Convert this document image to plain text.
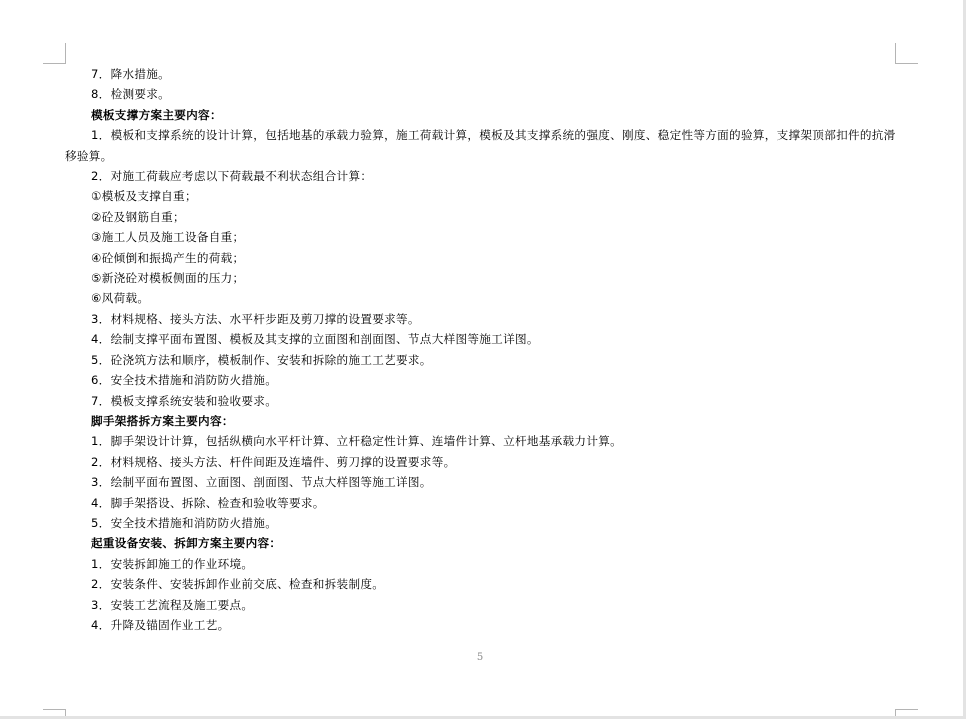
7．降水措施。
8．检测要求。
模板支撑方案主要内容：
1．模板和支撑系统的设计计算，包括地基的承载力验算，施工荷载计算，模板及其支撑系统的强度、刚度、稳定性等方面的验算，支撑架顶部扣件的抗滑移验算。
2．对施工荷载应考虑以下荷载最不利状态组合计算：
①模板及支撑自重；
②砼及钢筋自重；
③施工人员及施工设备自重；
④砼倾倒和振捣产生的荷载；
⑤新浇砼对模板侧面的压力；
⑥风荷载。
3．材料规格、接头方法、水平杆步距及剪刀撑的设置要求等。
4．绘制支撑平面布置图、模板及其支撑的立面图和剖面图、节点大样图等施工详图。
5．砼浇筑方法和顺序，模板制作、安装和拆除的施工工艺要求。
6．安全技术措施和消防防火措施。
7．模板支撑系统安装和验收要求。
脚手架搭拆方案主要内容：
1．脚手架设计计算，包括纵横向水平杆计算、立杆稳定性计算、连墙件计算、立杆地基承载力计算。
2．材料规格、接头方法、杆件间距及连墙件、剪刀撑的设置要求等。
3．绘制平面布置图、立面图、剖面图、节点大样图等施工详图。
4．脚手架搭设、拆除、检查和验收等要求。
5．安全技术措施和消防防火措施。
起重设备安装、拆卸方案主要内容：
1．安装拆卸施工的作业环境。
2．安装条件、安装拆卸作业前交底、检查和拆装制度。
3．安装工艺流程及施工要点。
4．升降及锚固作业工艺。
5
